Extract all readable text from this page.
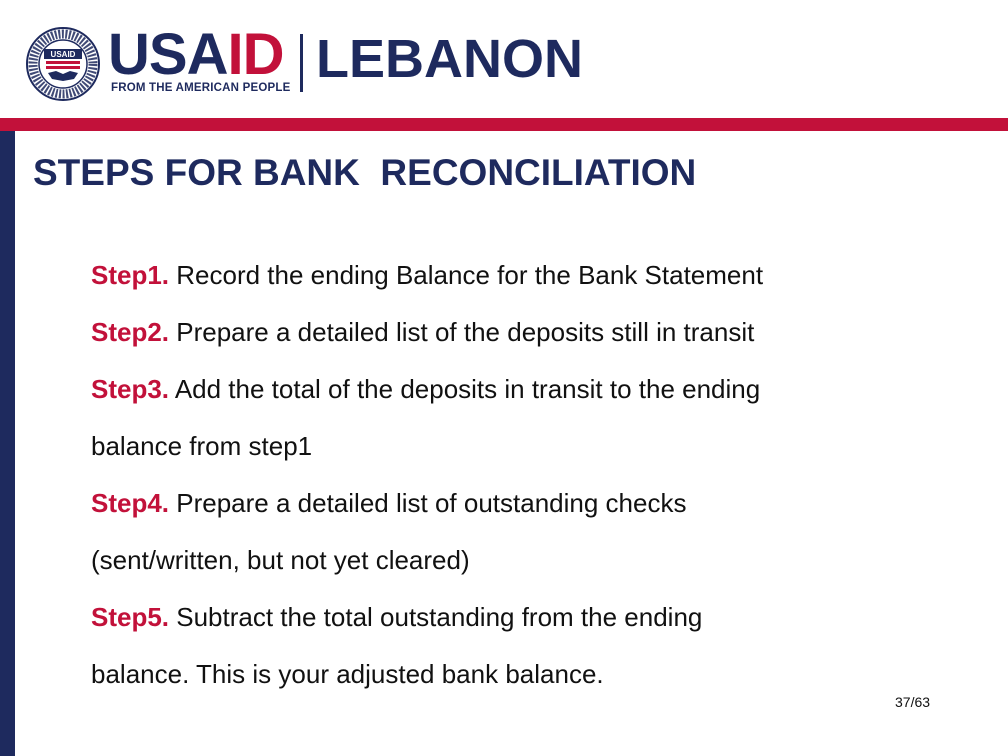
USAID USAID
FROM THE AMERICAN PEOPLE LEBANON
STEPS FOR BANK  RECONCILIATION
Step1. Record the ending Balance for the Bank Statement
Step2. Prepare a detailed list of the deposits still in transit
Step3. Add the total of the deposits in transit to the ending
balance from step1
Step4. Prepare a detailed list of outstanding checks
(sent/written, but not yet cleared)
Step5. Subtract the total outstanding from the ending
balance. This is your adjusted bank balance.
37/63
